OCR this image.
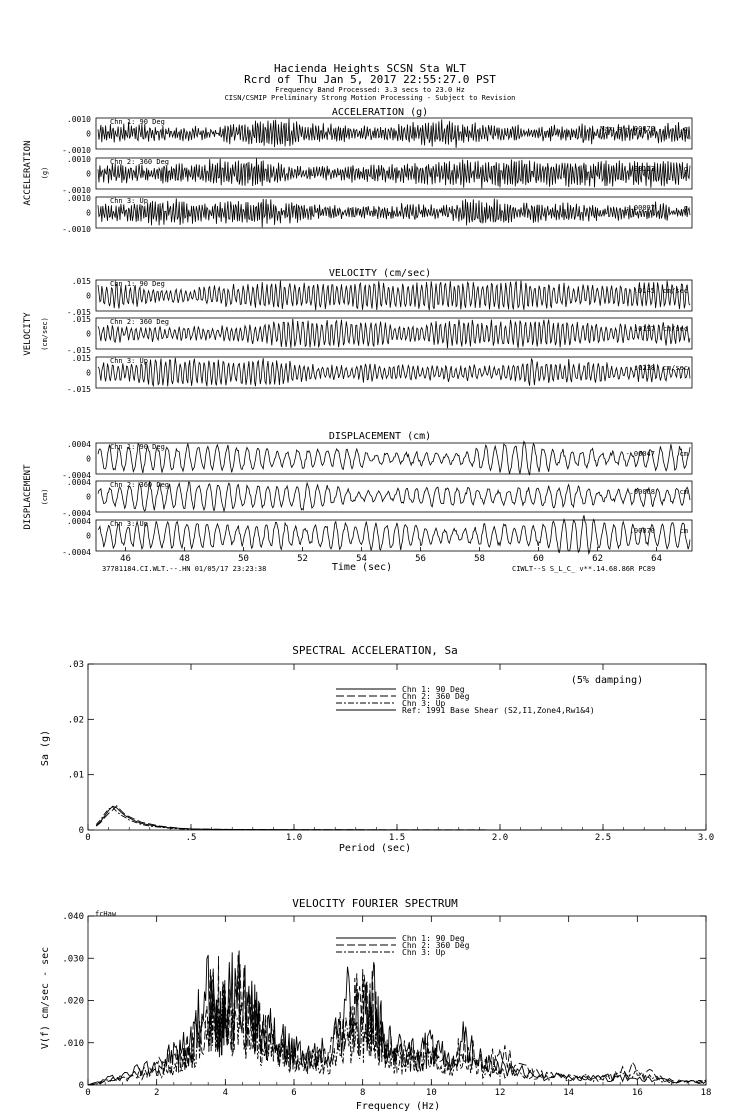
Hacienda Heights SCSN Sta WLT
Rcrd of Thu Jan 5, 2017 22:55:27.0 PST
Frequency Band Processed: 3.3 secs to 23.0 Hz
CISN/CSMIP Preliminary Strong Motion Processing - Subject to Revision
ACCELERATION (g)
ACCELERATION (g)
.0010
0
-.0010
Chn 1: 90 Deg
Max = -.00079	g
.0010
0
-.0010
Chn 2: 360 Deg
.00113	g
.0010
0
-.0010
Chn 3: Up
-.00097	g
VELOCITY (cm/sec)
VELOCITY (cm/sec)
.015
0
-.015
Chn 1: 90 Deg
.0145 cm/sec
.015
0
-.015
Chn 2: 360 Deg
.0197 cm/sec
.015
0
-.015
Chn 3: Up
.0238 cm/sec
DISPLACEMENT (cm)
DISPLACEMENT (cm)
.0004
0
-.0004
Chn 1: 90 Deg
-.00047	cm
.0004
0
-.0004
Chn 2: 360 Deg
.00068	cm
.0004
0
-.0004
Chn 3: Up
.00070	cm
46	48	50	52	54	56	58	60	62	64
Time (sec)
37781184.CI.WLT.--.HN 01/05/17 23:23:38	CIWLT--S S_L_C_ v**.14.68.86R PC89
SPECTRAL ACCELERATION, Sa
0	.5	1.0	1.5	2.0	2.5	3.0
0
.01
.02
.03
(5% damping)
Period (sec)
Sa (g)
Chn 1: 90 Deg
Chn 2: 360 Deg
Chn 3: Up
Ref: 1991 Base Shear (S2,I1,Zone4,Rw1&4)
VELOCITY FOURIER SPECTRUM
0	2	4	6	8	10	12	14	16	18
0
.010
.020
.030
.040 fcHaw
Frequency (Hz)
V(f) cm/sec - sec
Chn 1: 90 Deg
Chn 2: 360 Deg
Chn 3: Up
